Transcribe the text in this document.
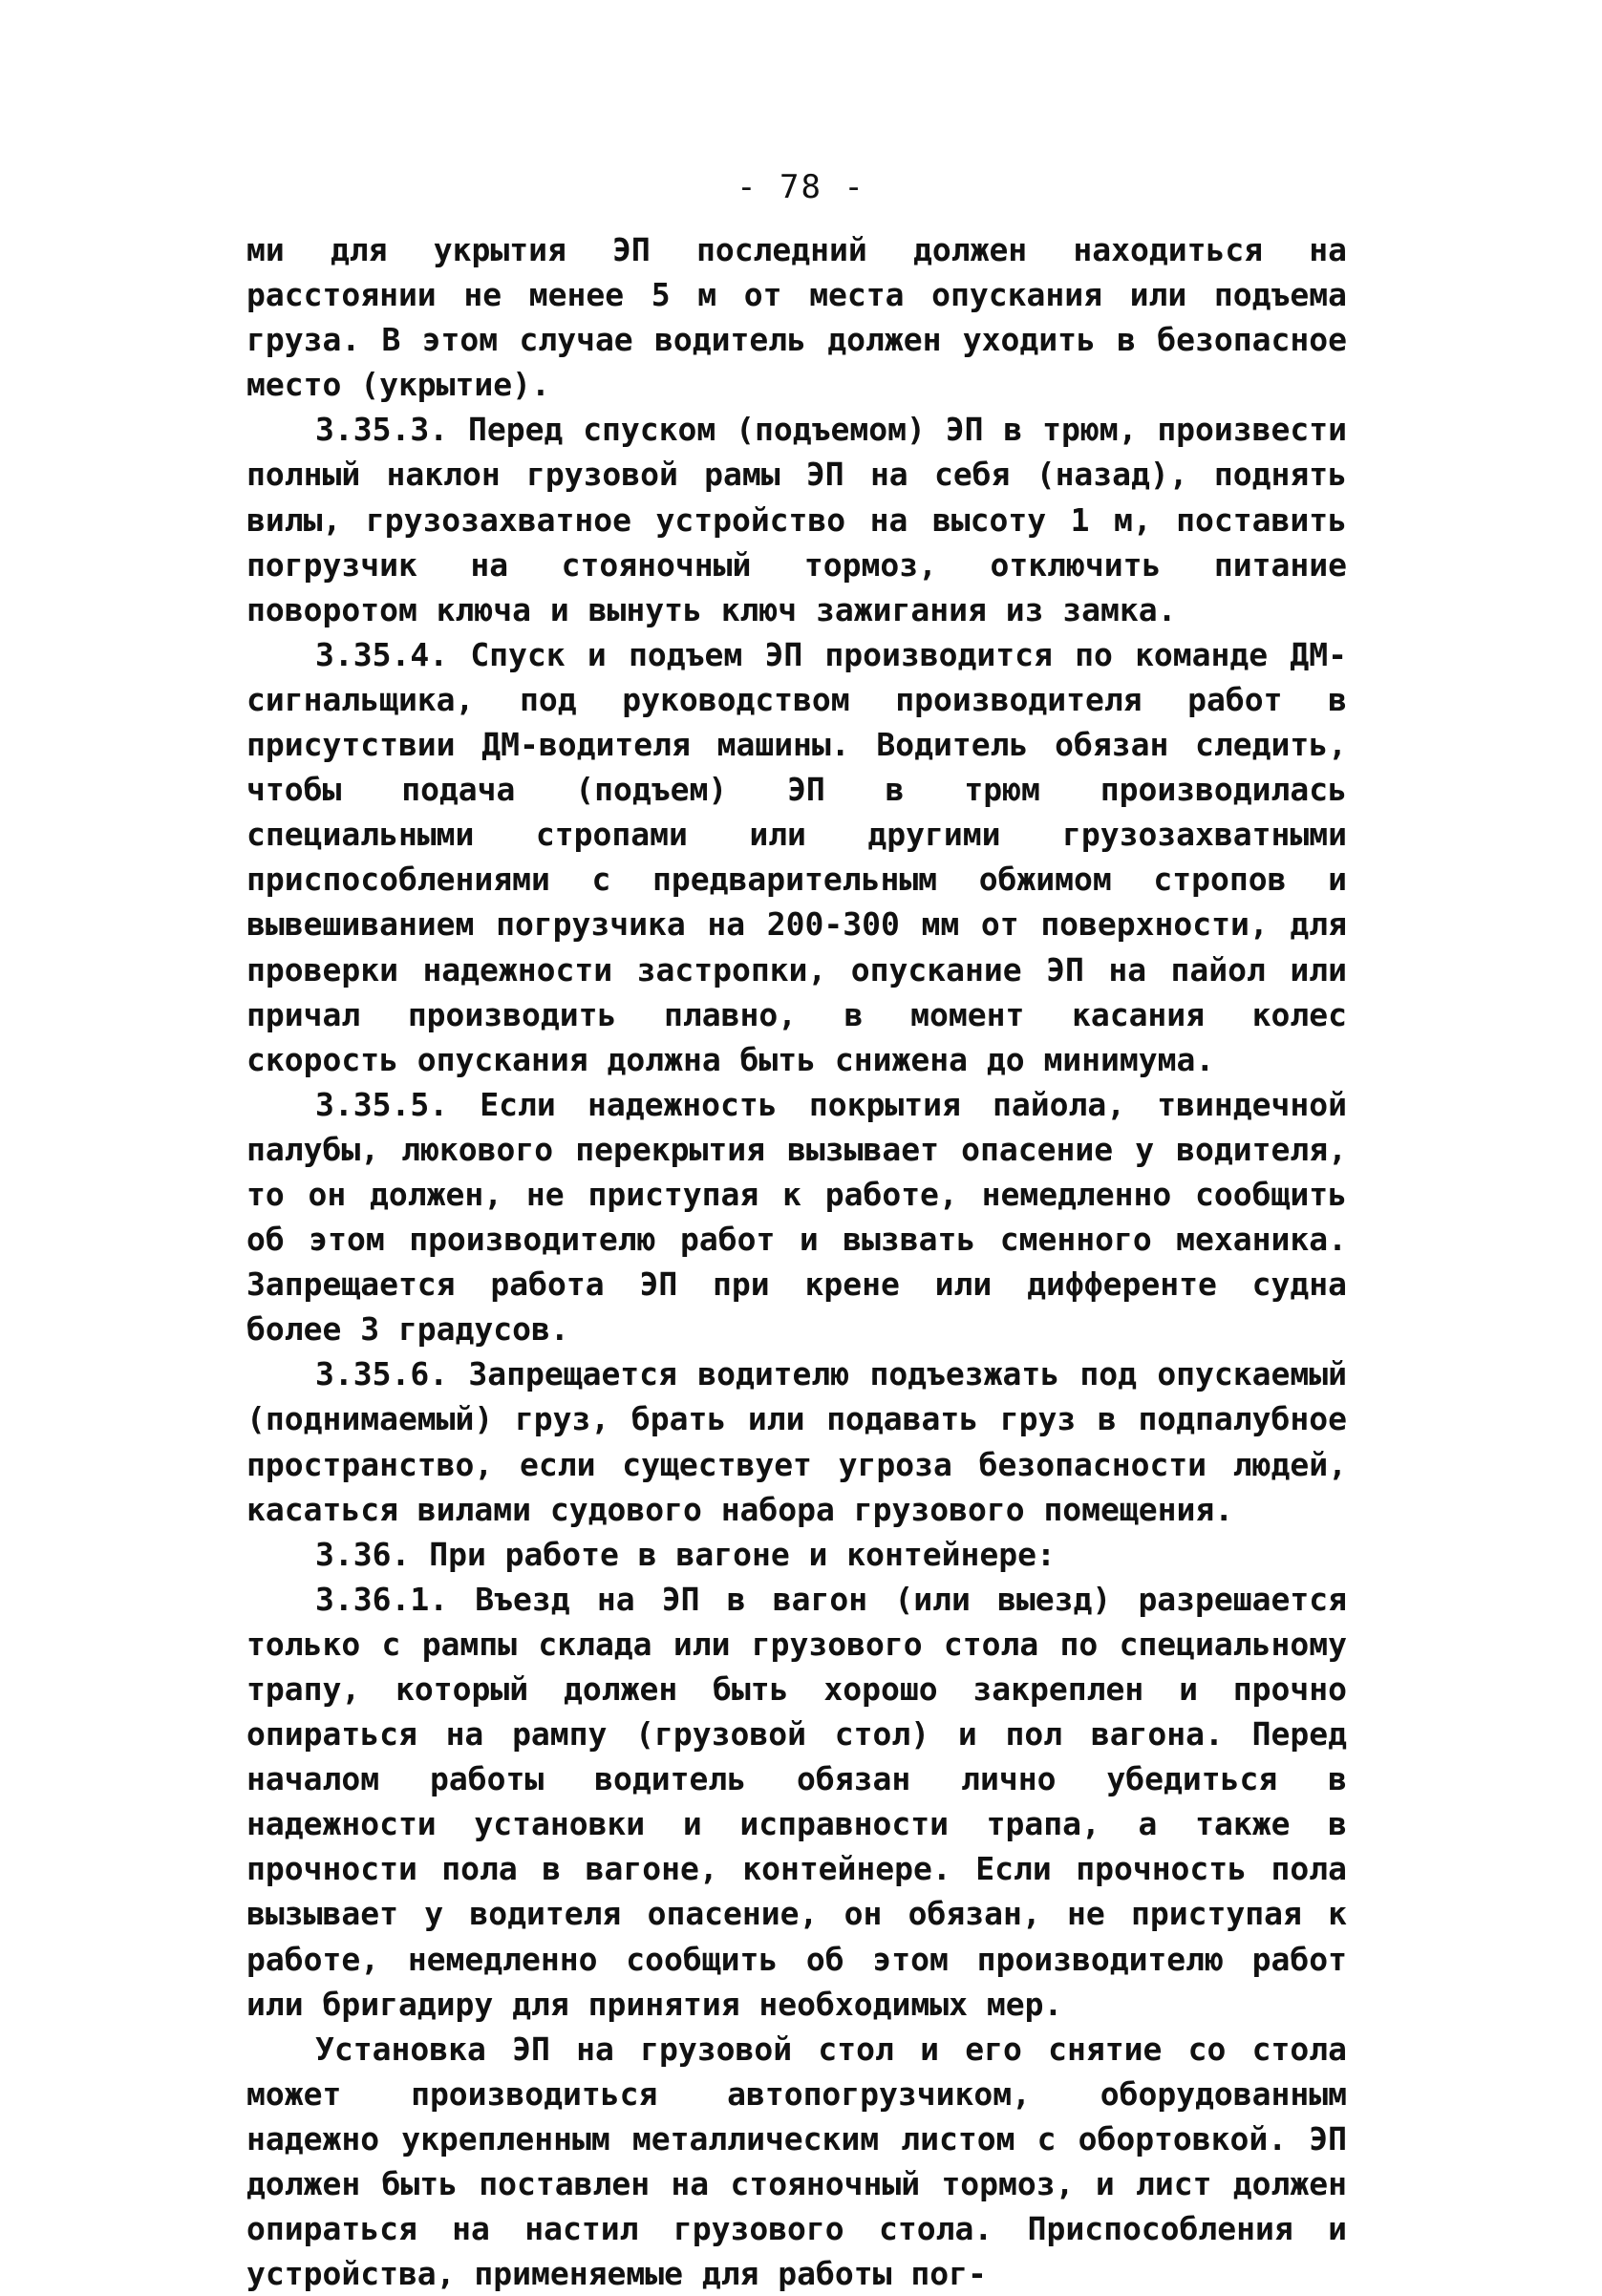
- 78 -

ми для укрытия ЭП последний должен находиться на расстоянии не менее 5 м от места опускания или подъема груза. В этом случае водитель должен уходить в безопасное место (укрытие).

3.35.3. Перед спуском (подъемом) ЭП в трюм, произвести полный наклон грузовой рамы ЭП на себя (назад), поднять вилы, грузозахватное устройство на высоту 1 м, поставить погрузчик на стояночный тормоз, отключить питание поворотом ключа и вынуть ключ зажигания из замка.

3.35.4. Спуск и подъем ЭП производится по команде ДМ-сигнальщика, под руководством производителя работ в присутствии ДМ-водителя машины. Водитель обязан следить, чтобы подача (подъем) ЭП в трюм производилась специальными стропами или другими грузозахватными приспособлениями с предварительным обжимом стропов и вывешиванием погрузчика на 200-300 мм от поверхности, для проверки надежности застропки, опускание ЭП на пайол или причал производить плавно, в момент касания колес скорость опускания должна быть снижена до минимума.

3.35.5. Если надежность покрытия пайола, твиндечной палубы, люкового перекрытия вызывает опасение у водителя, то он должен, не приступая к работе, немедленно сообщить об этом производителю работ и вызвать сменного механика. Запрещается работа ЭП при крене или дифференте судна более 3 градусов.

3.35.6. Запрещается водителю подъезжать под опускаемый (поднимаемый) груз, брать или подавать груз в подпалубное пространство, если существует угроза безопасности людей, касаться вилами судового набора грузового помещения.

3.36. При работе в вагоне и контейнере:

3.36.1. Въезд на ЭП в вагон (или выезд) разрешается только с рампы склада или грузового стола по специальному трапу, который должен быть хорошо закреплен и прочно опираться на рампу (грузовой стол) и пол вагона. Перед началом работы водитель обязан лично убедиться в надежности установки и исправности трапа, а также в прочности пола в вагоне, контейнере. Если прочность пола вызывает у водителя опасение, он обязан, не приступая к работе, немедленно сообщить об этом производителю работ или бригадиру для принятия необходимых мер.

Установка ЭП на грузовой стол и его снятие со стола может производиться автопогрузчиком, оборудованным надежно укрепленным металлическим листом с обортовкой. ЭП должен быть поставлен на стояночный тормоз, и лист должен опираться на настил грузового стола. Приспособления и устройства, применяемые для работы пог-
